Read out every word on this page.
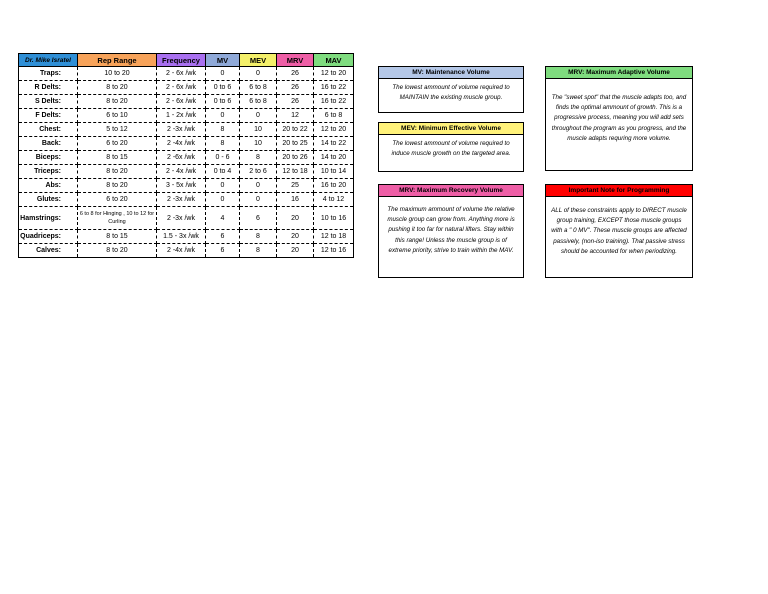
Dr. Mike Isratel	Rep Range	Frequency	MV	MEV	MRV	MAV
Traps:	10 to 20	2 - 6x /wk	0	0	26	12 to 20
R Delts:	8 to 20	2 - 6x /wk	0 to 6	6 to 8	26	16 to 22
S Delts:	8 to 20	2 - 6x /wk	0 to 6	6 to 8	26	16 to 22
F Delts:	6 to 10	1 - 2x /wk	0	0	12	6 to 8
Chest:	5 to 12	2 -3x /wk	8	10	20 to 22	12 to 20
Back:	6 to 20	2 -4x /wk	8	10	20 to 25	14 to 22
Biceps:	8 to 15	2 -6x /wk	0 - 6	8	20 to 26	14 to 20
Triceps:	8 to 20	2 - 4x /wk	0 to 4	2 to 6	12 to 18	10 to 14
Abs:	8 to 20	3 - 5x /wk	0	0	25	16 to 20
Glutes:	6 to 20	2 -3x /wk	0	0	16	4 to 12
Hamstrings:	6 to 8 for Hinging , 10 to 12 for Curling	2 -3x /wk	4	6	20	10 to 16
Quadriceps:	8 to 15	1.5 - 3x /wk	6	8	20	12 to 18
Calves:	8 to 20	2 -4x /wk	6	8	20	12 to 16
MV: Maintenance Volume
The lowest ammount of volume required to MAINTAIN the existing muscle group.
MEV: Minimum Effective Volume
The lowest ammount of volume required to induce muscle growth on the targeted area.
MRV: Maximum Recovery Volume
The maximum ammount of volume the relative muscle group can grow from. Anything more is pushing it too far for natural lifters. Stay within this range! Unless the muscle group is of extreme priority, strive to train within the MAV.
MRV: Maximum Adaptive Volume
The "sweet spot" that the muscle adapts too, and finds the optimal ammount of growth. This is a progressive process, meaning you will add sets throughout the program as you progress, and the muscle adapts requring more volume.
Important Note for Programming
ALL of these constraints apply to DIRECT muscle group training, EXCEPT those muscle groups with a " 0 MV". These muscle groups are affected passively, (non-iso training). That passive stress should be accounted for when periodizing.
